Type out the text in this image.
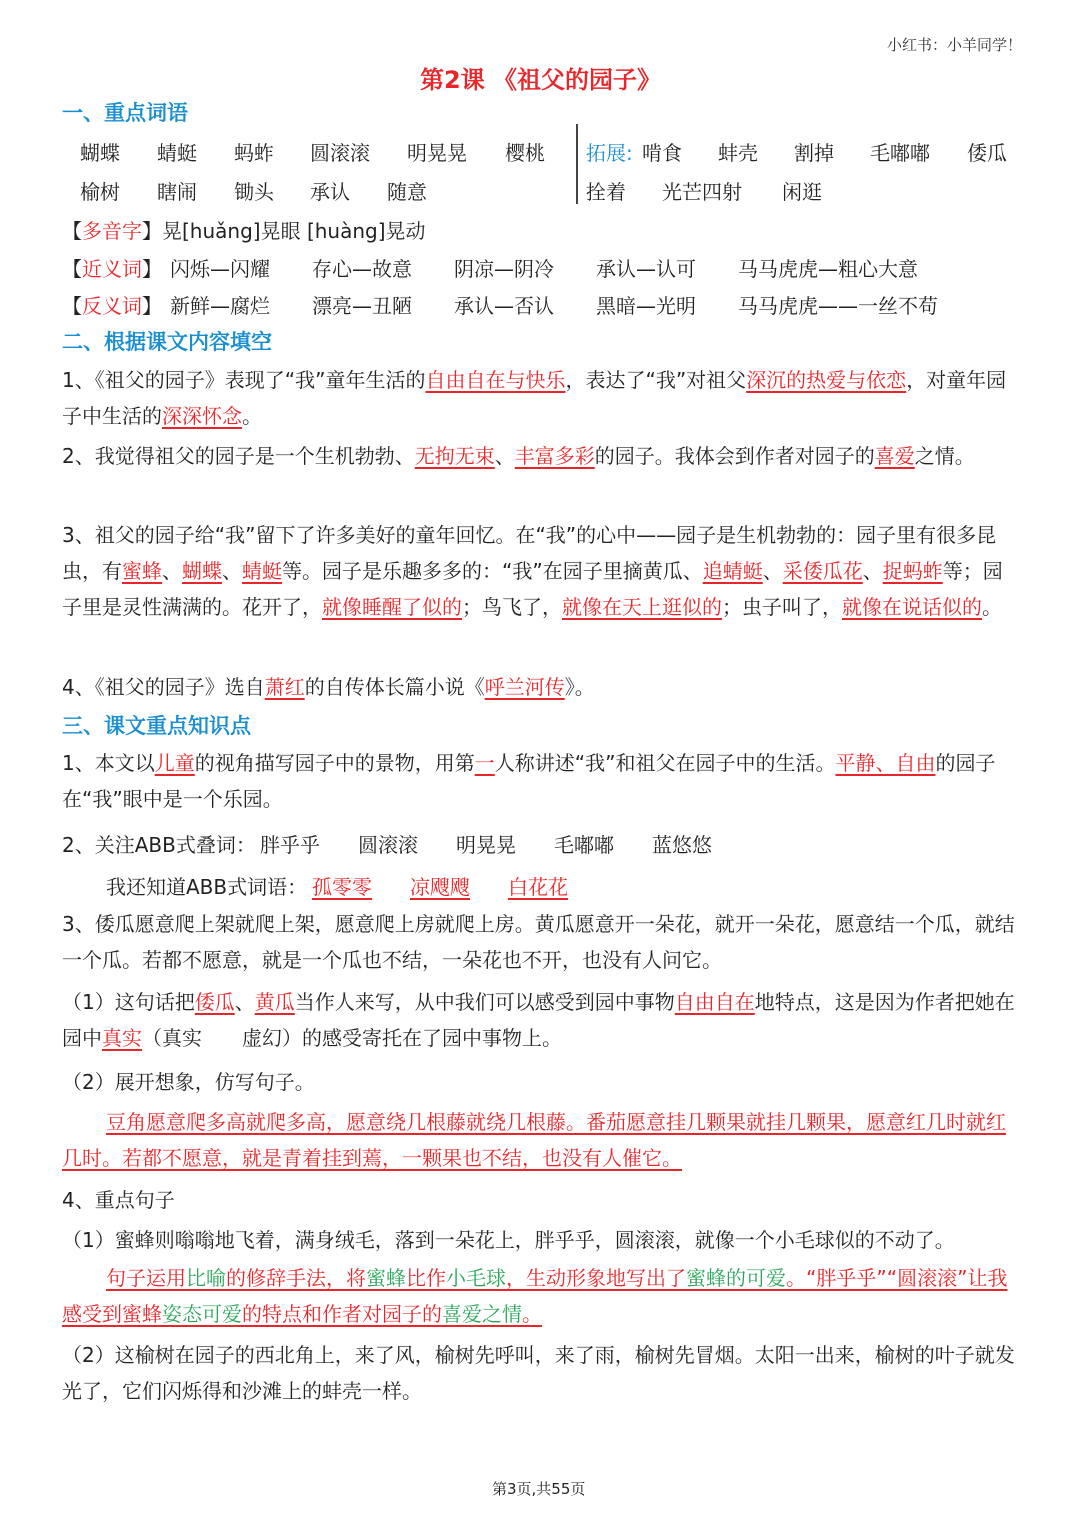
小红书：小羊同学！
第2课 《祖父的园子》
一、重点词语
蝴蝶 蜻蜓 蚂蚱 圆滚滚 明晃晃 樱桃 拓展: 啃食 蚌壳 割掉 毛嘟嘟 倭瓜
榆树 瞎闹 锄头 承认 随意	拴着 光芒四射 闲逛
【多音字】晃[huǎng]晃眼 [huàng]晃动
【近义词】 闪烁—闪耀 存心—故意 阴凉—阴冷 承认—认可 马马虎虎—粗心大意
【反义词】 新鲜—腐烂 漂亮—丑陋 承认—否认 黑暗—光明 马马虎虎——一丝不苟
二、根据课文内容填空
1、《祖父的园子》表现了“我”童年生活的自由自在与快乐，表达了“我”对祖父深沉的热爱与依恋，对童年园子中生活的深深怀念。
2、我觉得祖父的园子是一个生机勃勃、无拘无束、丰富多彩的园子。我体会到作者对园子的喜爱之情。
3、祖父的园子给“我”留下了许多美好的童年回忆。在“我”的心中——园子是生机勃勃的：园子里有很多昆虫，有蜜蜂、蝴蝶、蜻蜓等。园子是乐趣多多的：“我”在园子里摘黄瓜、追蜻蜓、采倭瓜花、捉蚂蚱等；园子里是灵性满满的。花开了，就像睡醒了似的；鸟飞了，就像在天上逛似的；虫子叫了，就像在说话似的。
4、《祖父的园子》选自萧红的自传体长篇小说《呼兰河传》。
三、课文重点知识点
1、本文以儿童的视角描写园子中的景物，用第一人称讲述“我”和祖父在园子中的生活。平静、自由的园子在“我”眼中是一个乐园。
2、关注ABB式叠词： 胖乎乎 圆滚滚 明晃晃 毛嘟嘟 蓝悠悠
我还知道ABB式词语： 孤零零 凉飕飕 白花花
3、倭瓜愿意爬上架就爬上架，愿意爬上房就爬上房。黄瓜愿意开一朵花，就开一朵花，愿意结一个瓜，就结一个瓜。若都不愿意，就是一个瓜也不结，一朵花也不开，也没有人问它。
（1）这句话把倭瓜、黄瓜当作人来写，从中我们可以感受到园中事物自由自在地特点，这是因为作者把她在园中真实（真实　　虚幻）的感受寄托在了园中事物上。
（2）展开想象，仿写句子。
豆角愿意爬多高就爬多高，愿意绕几根藤就绕几根藤。番茄愿意挂几颗果就挂几颗果，愿意红几时就红几时。若都不愿意，就是青着挂到蔫，一颗果也不结，也没有人催它。
4、重点句子
（1）蜜蜂则嗡嗡地飞着，满身绒毛，落到一朵花上，胖乎乎，圆滚滚，就像一个小毛球似的不动了。
句子运用比喻的修辞手法，将蜜蜂比作小毛球，生动形象地写出了蜜蜂的可爱。“胖乎乎”“圆滚滚”让我感受到蜜蜂姿态可爱的特点和作者对园子的喜爱之情。
（2）这榆树在园子的西北角上，来了风，榆树先呼叫，来了雨，榆树先冒烟。太阳一出来，榆树的叶子就发光了，它们闪烁得和沙滩上的蚌壳一样。
第3页,共55页
